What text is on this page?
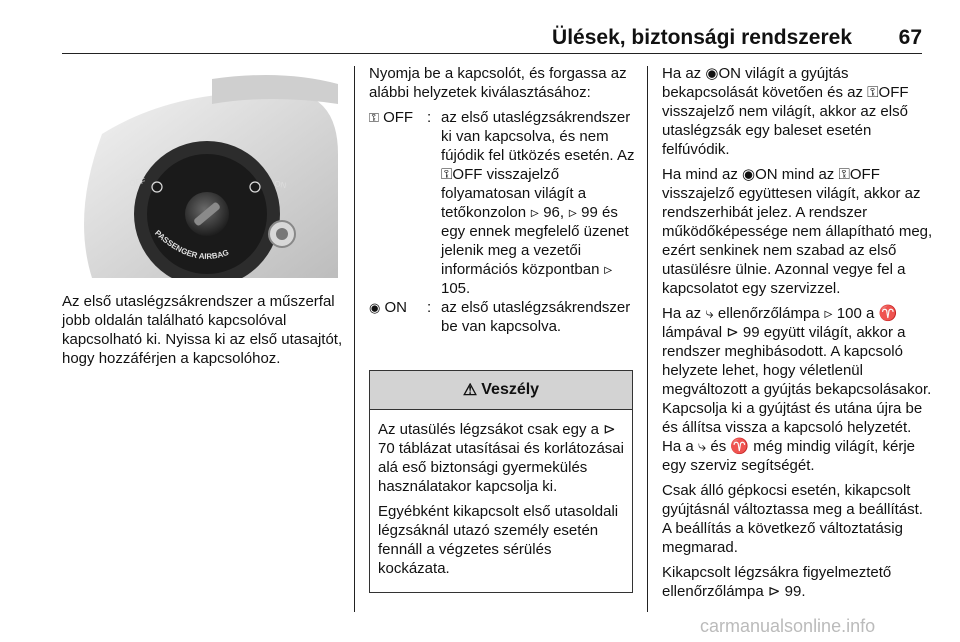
Ülések, biztonsági rendszerek 67
OFF	ON
PASSENGER AIRBAG

Az első utaslégzsákrendszer a műszerfal jobb oldalán található kapcsolóval kapcsolható ki. Nyissa ki az első utasajtót, hogy hozzáférjen a kapcsolóhoz.

Nyomja be a kapcsolót, és forgassa az alábbi helyzetek kiválasztásához:

⚿ OFF : az első utaslégzsákrendszer ki van kapcsolva, és nem fújódik fel ütközés esetén. Az ⚿OFF visszajelző folyamatosan világít a tetőkonzolon ⊳ 96, ⊳ 99 és egy ennek megfelelő üzenet jelenik meg a vezetői információs központban ⊳ 105.
◉ ON	: az első utaslégzsákrendszer be van kapcsolva.
⚠ Veszély

Az utasülés légzsákot csak egy a ⊳ 70 táblázat utasításai és korlátozásai alá eső biztonsági gyermekülés használatakor kapcsolja ki.

Egyébként kikapcsolt első utasoldali légzsáknál utazó személy esetén fennáll a végzetes sérülés kockázata.

Ha az ◉ON világít a gyújtás bekapcsolását követően és az ⚿OFF visszajelző nem világít, akkor az első utaslégzsák egy baleset esetén felfúvódik.

Ha mind az ◉ON mind az ⚿OFF visszajelző együttesen világít, akkor az rendszerhibát jelez. A rendszer működőképessége nem állapítható meg, ezért senkinek nem szabad az első utasülésre ülnie. Azonnal vegye fel a kapcsolatot egy szervizzel.

Ha az ⤷ ellenőrzőlámpa ⊳ 100 a ♈ lámpával ⊳ 99 együtt világít, akkor a rendszer meghibásodott. A kapcsoló helyzete lehet, hogy véletlenül megváltozott a gyújtás bekapcsolásakor. Kapcsolja ki a gyújtást és utána újra be és állítsa vissza a kapcsoló helyzetét. Ha a ⤷ és ♈ még mindig világít, kérje egy szerviz segítségét.

Csak álló gépkocsi esetén, kikapcsolt gyújtásnál változtassa meg a beállítást. A beállítás a következő változtatásig megmarad.

Kikapcsolt légzsákra figyelmeztető ellenőrzőlámpa ⊳ 99.

carmanualsonline.info
